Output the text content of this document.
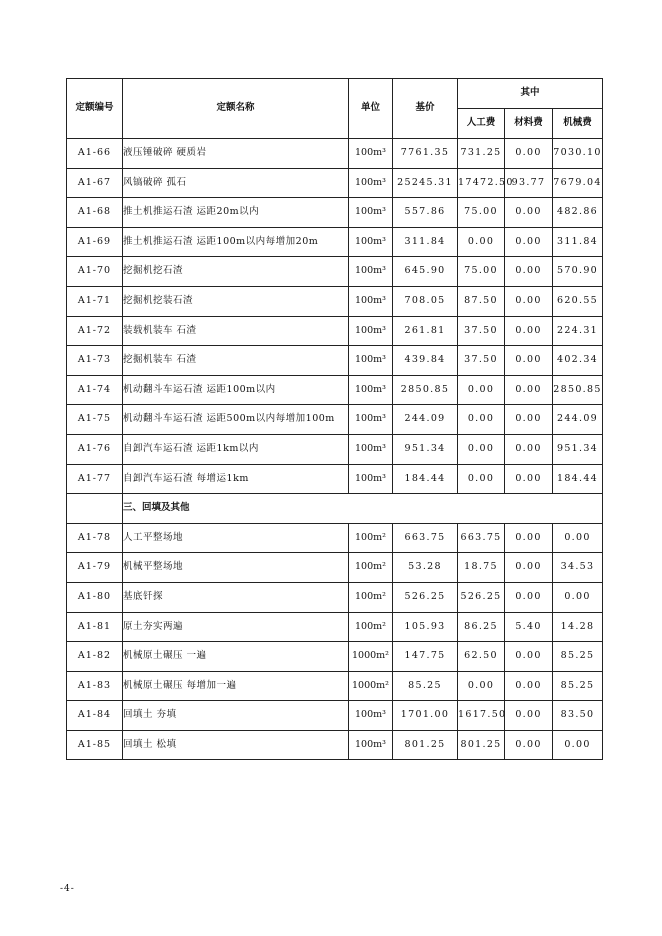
定额编号	定额名称	单位	基价	其中		
				人工费	材料费	机械费
A1-66	液压锤破碎 硬质岩	100m³	7761.35	731.25	0.00	7030.10
A1-67	风镐破碎 孤石	100m³	25245.31	17472.50	93.77	7679.04
A1-68	推土机推运石渣 运距20m以内	100m³	557.86	75.00	0.00	482.86
A1-69	推土机推运石渣 运距100m以内每增加20m	100m³	311.84	0.00	0.00	311.84
A1-70	挖掘机挖石渣	100m³	645.90	75.00	0.00	570.90
A1-71	挖掘机挖装石渣	100m³	708.05	87.50	0.00	620.55
A1-72	装载机装车 石渣	100m³	261.81	37.50	0.00	224.31
A1-73	挖掘机装车 石渣	100m³	439.84	37.50	0.00	402.34
A1-74	机动翻斗车运石渣 运距100m以内	100m³	2850.85	0.00	0.00	2850.85
A1-75	机动翻斗车运石渣 运距500m以内每增加100m	100m³	244.09	0.00	0.00	244.09
A1-76	自卸汽车运石渣 运距1km以内	100m³	951.34	0.00	0.00	951.34
A1-77	自卸汽车运石渣 每增运1km	100m³	184.44	0.00	0.00	184.44
	三、回填及其他					
A1-78	人工平整场地	100m²	663.75	663.75	0.00	0.00
A1-79	机械平整场地	100m²	53.28	18.75	0.00	34.53
A1-80	基底钎探	100m²	526.25	526.25	0.00	0.00
A1-81	原土夯实两遍	100m²	105.93	86.25	5.40	14.28
A1-82	机械原土碾压 一遍	1000m²	147.75	62.50	0.00	85.25
A1-83	机械原土碾压 每增加一遍	1000m²	85.25	0.00	0.00	85.25
A1-84	回填土 夯填	100m³	1701.00	1617.50	0.00	83.50
A1-85	回填土 松填	100m³	801.25	801.25	0.00	0.00
-4-
